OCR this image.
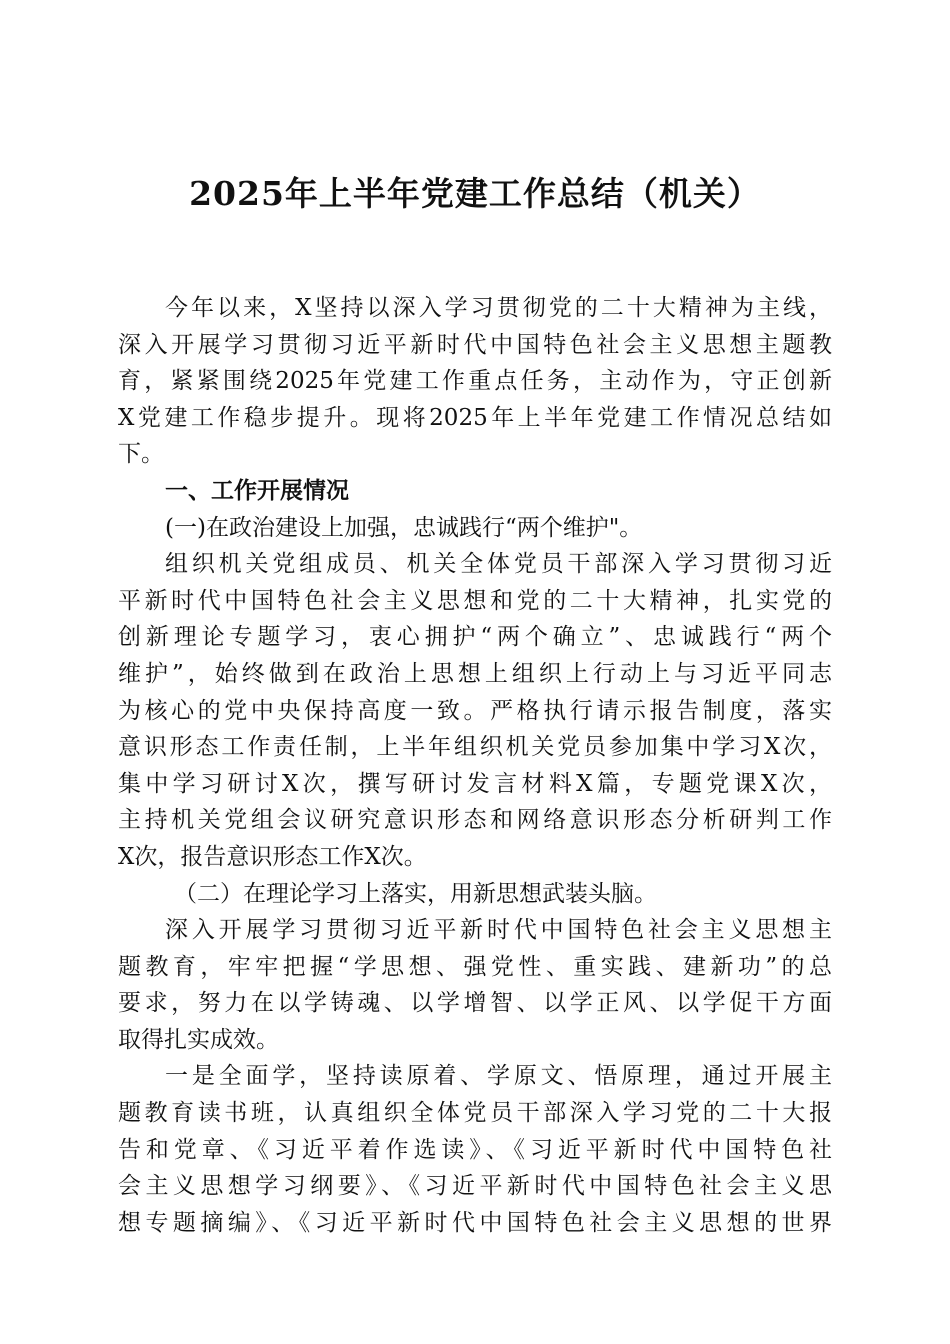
2025年上半年党建工作总结（机关）
今年以来，X坚持以深入学习贯彻党的二十大精神为主线，
深入开展学习贯彻习近平新时代中国特色社会主义思想主题教
育，紧紧围绕2025年党建工作重点任务，主动作为，守正创新
X党建工作稳步提升。现将2025年上半年党建工作情况总结如
下。
一、工作开展情况
(一)在政治建设上加强，忠诚践行“两个维护"。
组织机关党组成员、机关全体党员干部深入学习贯彻习近
平新时代中国特色社会主义思想和党的二十大精神，扎实党的
创新理论专题学习，衷心拥护“两个确立”、忠诚践行“两个
维护”，始终做到在政治上思想上组织上行动上与习近平同志
为核心的党中央保持高度一致。严格执行请示报告制度，落实
意识形态工作责任制，上半年组织机关党员参加集中学习X次，
集中学习研讨X次，撰写研讨发言材料X篇，专题党课X次，
主持机关党组会议研究意识形态和网络意识形态分析研判工作
X次，报告意识形态工作X次。
（二）在理论学习上落实，用新思想武装头脑。
深入开展学习贯彻习近平新时代中国特色社会主义思想主
题教育，牢牢把握“学思想、强党性、重实践、建新功”的总
要求，努力在以学铸魂、以学增智、以学正风、以学促干方面
取得扎实成效。
一是全面学，坚持读原着、学原文、悟原理，通过开展主
题教育读书班，认真组织全体党员干部深入学习党的二十大报
告和党章、《习近平着作选读》、《习近平新时代中国特色社
会主义思想学习纲要》、《习近平新时代中国特色社会主义思
想专题摘编》、《习近平新时代中国特色社会主义思想的世界
